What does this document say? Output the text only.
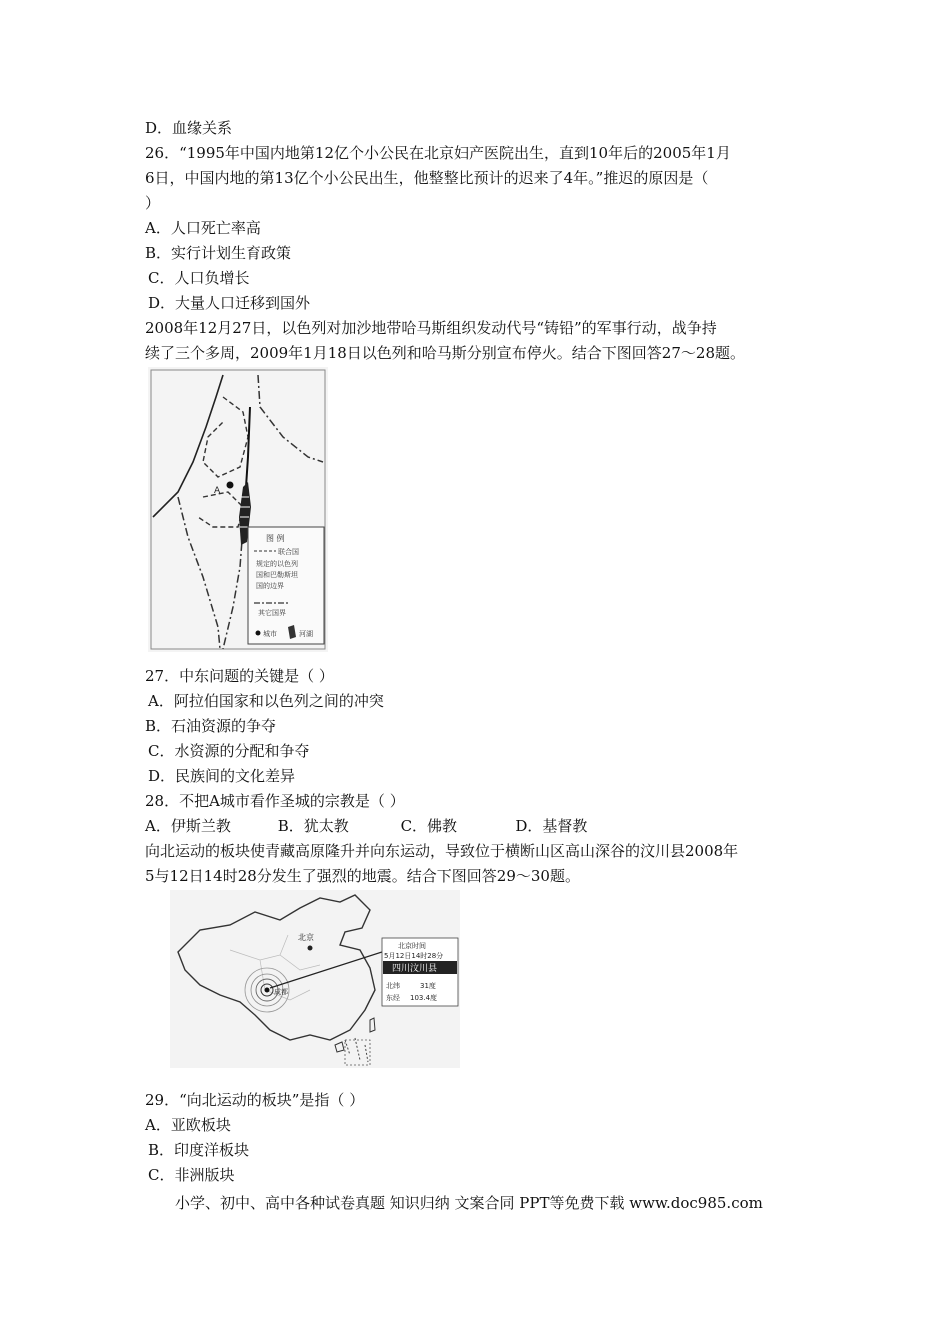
D．血缘关系
26．“1995年中国内地第12亿个小公民在北京妇产医院出生，直到10年后的2005年1月
6日，中国内地的第13亿个小公民出生，他整整比预计的迟来了4年。”推迟的原因是（
）
A．人口死亡率高
B．实行计划生育政策
C．人口负增长
D．大量人口迁移到国外
2008年12月27日，以色列对加沙地带哈马斯组织发动代号“铸铅”的军事行动，战争持
续了三个多周，2009年1月18日以色列和哈马斯分别宣布停火。结合下图回答27～28题。
A
图 例
联合国
规定的以色列
国和巴勒斯坦
国的边界
其它国界
城市	河湖
27．中东问题的关键是（ ）
A．阿拉伯国家和以色列之间的冲突
B．石油资源的争夺
C．水资源的分配和争夺
D．民族间的文化差异
28．不把A城市看作圣城的宗教是（ ）
A．伊斯兰教	B．犹太教	C．佛教	D．基督教
向北运动的板块使青藏高原隆升并向东运动，导致位于横断山区高山深谷的汶川县2008年
5与12日14时28分发生了强烈的地震。结合下图回答29～30题。
北京
成都
北京时间
5月12日14时28分
四川汶川县
北纬	31度
东经 103.4度
29．“向北运动的板块”是指（ ）
A．亚欧板块
B．印度洋板块
C．非洲版块
小学、初中、高中各种试卷真题 知识归纳 文案合同 PPT等免费下载 www.doc985.com
